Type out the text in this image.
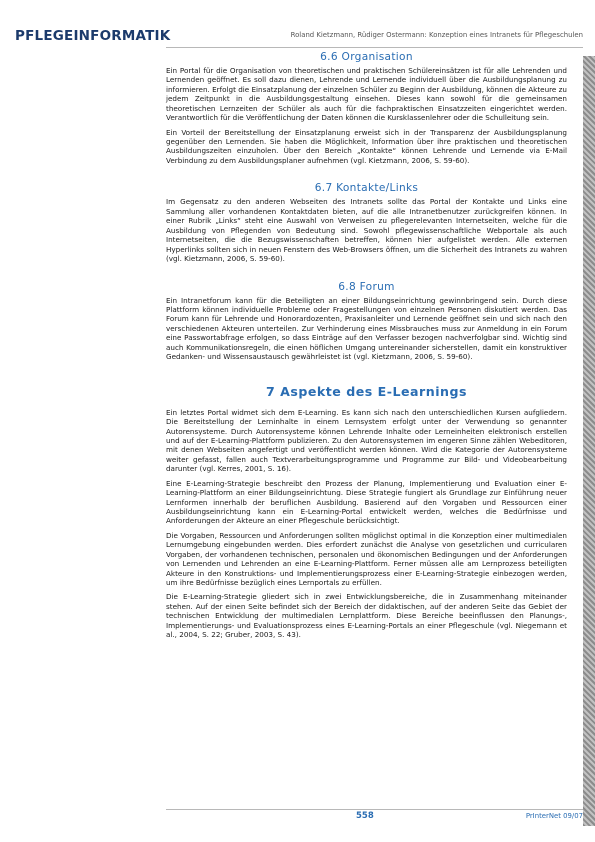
PFLEGEINFORMATIK	Roland Kietzmann, Rüdiger Ostermann: Konzeption eines Intranets für Pflegeschulen
6.6 Organisation

Ein Portal für die Organisation von theoretischen und praktischen Schülereinsätzen ist für alle Lehrenden und Lernenden geöffnet. Es soll dazu dienen, Lehrende und Lernende individuell über die Ausbildungsplanung zu informieren. Erfolgt die Einsatzplanung der einzelnen Schüler zu Beginn der Ausbildung, können die Akteure zu jedem Zeitpunkt in die Ausbildungsgestaltung einsehen. Dieses kann sowohl für die gemeinsamen theoretischen Lernzeiten der Schüler als auch für die fachpraktischen Einsatzzeiten eingerichtet werden. Verantwortlich für die Veröffentlichung der Daten können die Kursklassenlehrer oder die Schulleitung sein.

Ein Vorteil der Bereitstellung der Einsatzplanung erweist sich in der Transparenz der Ausbildungsplanung gegenüber den Lernenden. Sie haben die Möglichkeit, Information über ihre praktischen und theoretischen Ausbildungszeiten einzuholen. Über den Bereich „Kontakte“ können Lehrende und Lernende via E-Mail Verbindung zu dem Ausbildungsplaner aufnehmen (vgl. Kietzmann, 2006, S. 59-60).

6.7 Kontakte/Links

Im Gegensatz zu den anderen Webseiten des Intranets sollte das Portal der Kontakte und Links eine Sammlung aller vorhandenen Kontaktdaten bieten, auf die alle Intranetbenutzer zurückgreifen können. In einer Rubrik „Links“ steht eine Auswahl von Verweisen zu pflegerelevanten Internetseiten, welche für die Ausbildung von Pflegenden von Bedeutung sind. Sowohl pflegewissenschaftliche Webportale als auch Internetseiten, die die Bezugswissenschaften betreffen, können hier aufgelistet werden. Alle externen Hyperlinks sollten sich in neuen Fenstern des Web-Browsers öffnen, um die Sicherheit des Intranets zu wahren (vgl. Kietzmann, 2006, S. 59-60).

6.8 Forum

Ein Intranetforum kann für die Beteiligten an einer Bildungseinrichtung gewinnbringend sein. Durch diese Plattform können individuelle Probleme oder Fragestellungen von einzelnen Personen diskutiert werden. Das Forum kann für Lehrende und Honorardozenten, Praxisanleiter und Lernende geöffnet sein und sich nach den verschiedenen Akteuren unterteilen. Zur Verhinderung eines Missbrauches muss zur Anmeldung in ein Forum eine Passwortabfrage erfolgen, so dass Einträge auf den Verfasser bezogen nachverfolgbar sind. Wichtig sind auch Kommunikationsregeln, die einen höflichen Umgang untereinander sicherstellen, damit ein konstruktiver Gedanken- und Wissensaustausch gewährleistet ist (vgl. Kietzmann, 2006, S. 59-60).

7 Aspekte des E-Learnings

Ein letztes Portal widmet sich dem E-Learning. Es kann sich nach den unterschiedlichen Kursen aufgliedern. Die Bereitstellung der Lerninhalte in einem Lernsystem erfolgt unter der Verwendung so genannter Autorensysteme. Durch Autorensysteme können Lehrende Inhalte oder Lerneinheiten elektronisch erstellen und auf der E-Learning-Plattform publizieren. Zu den Autorensystemen im engeren Sinne zählen Webeditoren, mit denen Webseiten angefertigt und veröffentlicht werden können. Wird die Kategorie der Autorensysteme weiter gefasst, fallen auch Textverarbeitungsprogramme und Programme zur Bild- und Videobearbeitung darunter (vgl. Kerres, 2001, S. 16).

Eine E-Learning-Strategie beschreibt den Prozess der Planung, Implementierung und Evaluation einer E-Learning-Plattform an einer Bildungseinrichtung. Diese Strategie fungiert als Grundlage zur Einführung neuer Lernformen innerhalb der beruflichen Ausbildung. Basierend auf den Vorgaben und Ressourcen einer Ausbildungseinrichtung kann ein E-Learning-Portal entwickelt werden, welches die Bedürfnisse und Anforderungen der Akteure an einer Pflegeschule berücksichtigt.

Die Vorgaben, Ressourcen und Anforderungen sollten möglichst optimal in die Konzeption einer multimedialen Lernumgebung eingebunden werden. Dies erfordert zunächst die Analyse von gesetzlichen und curricularen Vorgaben, der vorhandenen technischen, personalen und ökonomischen Bedingungen und der Anforderungen von Lernenden und Lehrenden an eine E-Learning-Plattform. Ferner müssen alle am Lernprozess beteiligten Akteure in den Konstruktions- und Implementierungsprozess einer E-Learning-Strategie einbezogen werden, um ihre Bedürfnisse bezüglich eines Lernportals zu erfüllen.

Die E-Learning-Strategie gliedert sich in zwei Entwicklungsbereiche, die in Zusammenhang miteinander stehen. Auf der einen Seite befindet sich der Bereich der didaktischen, auf der anderen Seite das Gebiet der technischen Entwicklung der multimedialen Lernplattform. Diese Bereiche beeinflussen den Planungs-, Implementierungs- und Evaluationsprozess eines E-Learning-Portals an einer Pflegeschule (vgl. Niegemann et al., 2004, S. 22; Gruber, 2003, S. 43).

558	PrInterNet 09/07
